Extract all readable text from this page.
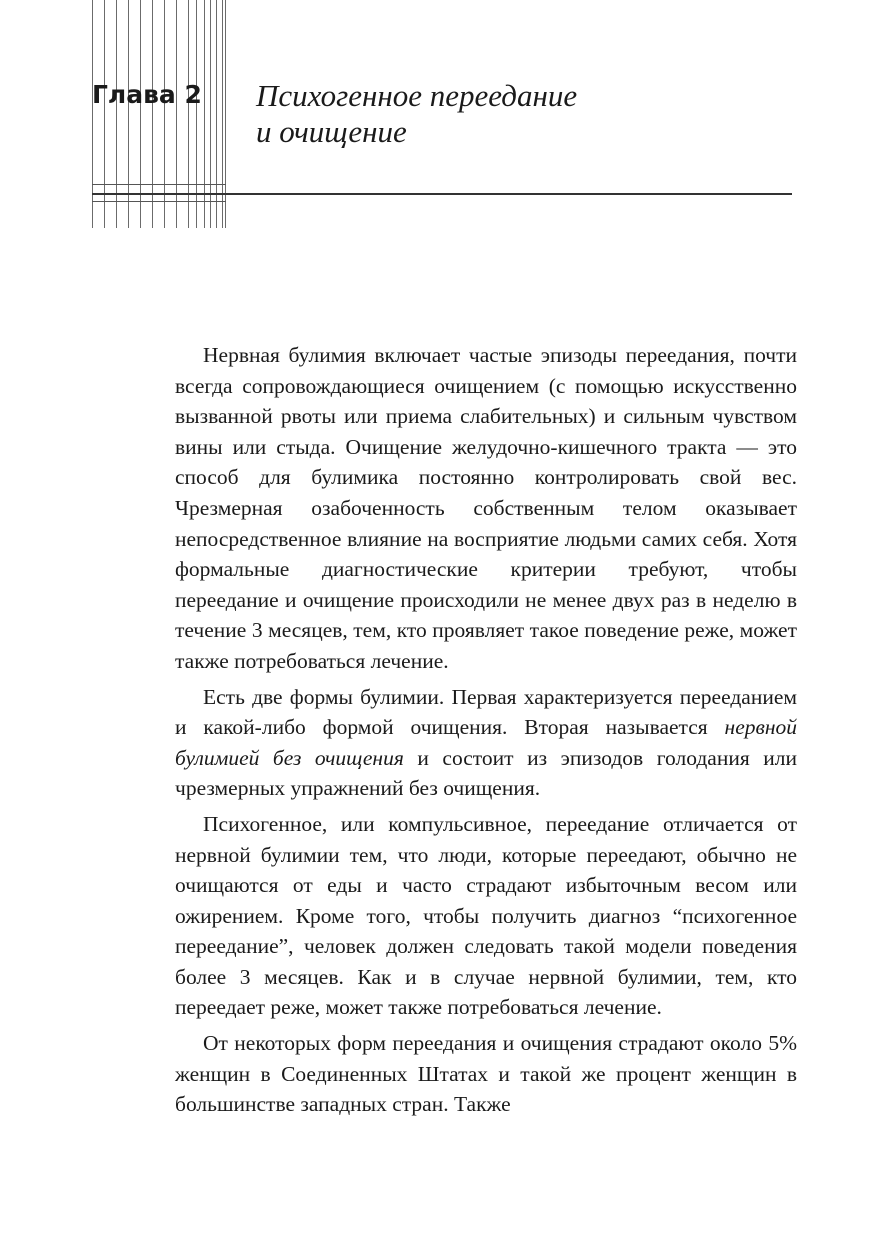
Глава 2 Психогенное переедание
и очищение

Нервная булимия включает частые эпизоды переедания, почти всегда сопровождающиеся очищением (с помощью искусственно вызванной рвоты или приема слабительных) и сильным чувством вины или стыда. Очищение желудочно-кишечного тракта — это способ для булимика постоянно контролировать свой вес. Чрезмерная озабоченность собственным телом оказывает непосредственное влияние на восприятие людьми самих себя. Хотя формальные диагностические критерии требуют, чтобы переедание и очищение происходили не менее двух раз в неделю в течение 3 месяцев, тем, кто проявляет такое поведение реже, может также потребоваться лечение.

Есть две формы булимии. Первая характеризуется перееданием и какой-либо формой очищения. Вторая называется нервной булимией без очищения и состоит из эпизодов голодания или чрезмерных упражнений без очищения.

Психогенное, или компульсивное, переедание отличается от нервной булимии тем, что люди, которые переедают, обычно не очищаются от еды и часто страдают избыточным весом или ожирением. Кроме того, чтобы получить диагноз “психогенное переедание”, человек должен следовать такой модели поведения более 3 месяцев. Как и в случае нервной булимии, тем, кто переедает реже, может также потребоваться лечение.

От некоторых форм переедания и очищения страдают около 5% женщин в Соединенных Штатах и такой же процент женщин в большинстве западных стран. Также
